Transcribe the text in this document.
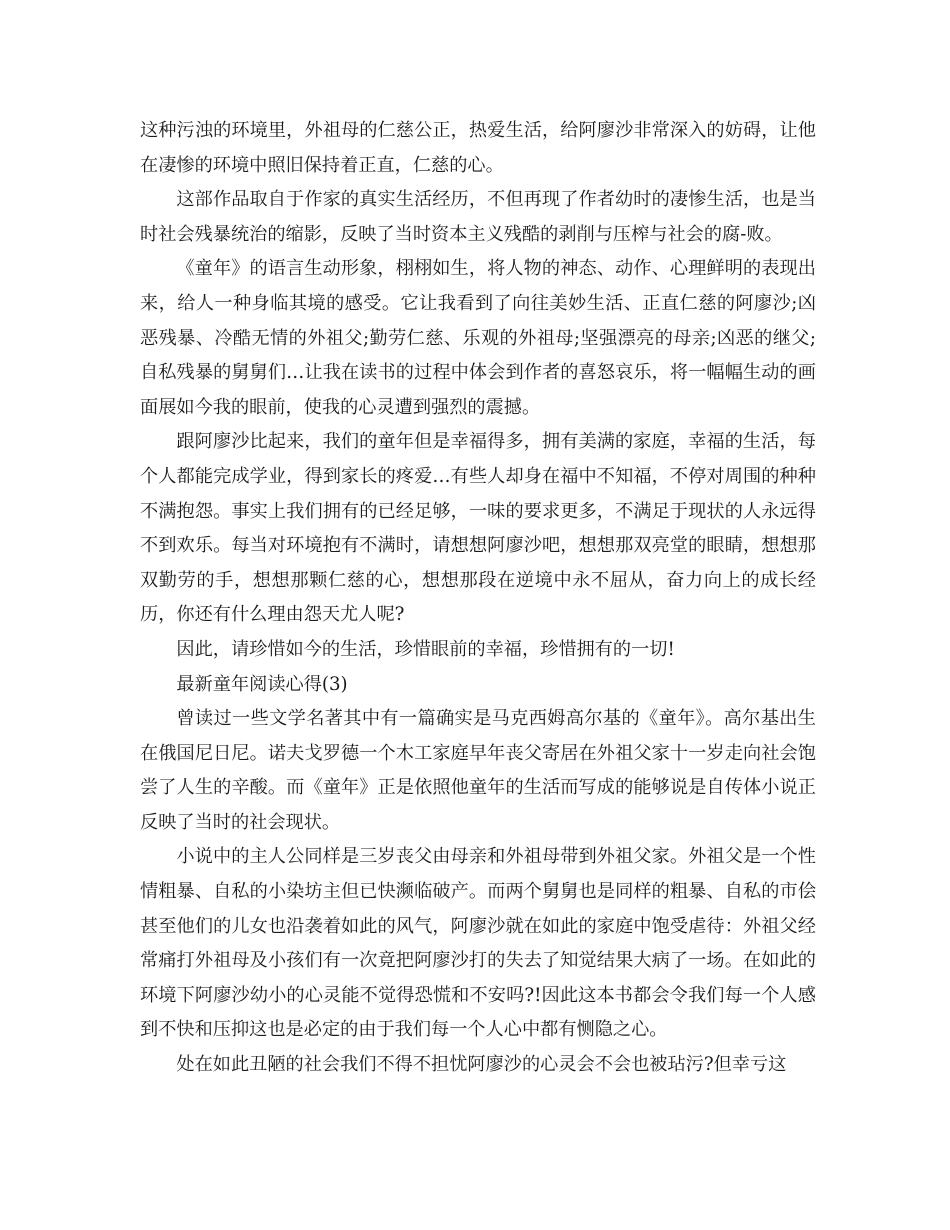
这种污浊的环境里，外祖母的仁慈公正，热爱生活，给阿廖沙非常深入的妨碍，让他在凄惨的环境中照旧保持着正直，仁慈的心。

这部作品取自于作家的真实生活经历，不但再现了作者幼时的凄惨生活，也是当时社会残暴统治的缩影，反映了当时资本主义残酷的剥削与压榨与社会的腐-败。

《童年》的语言生动形象，栩栩如生，将人物的神态、动作、心理鲜明的表现出来，给人一种身临其境的感受。它让我看到了向往美妙生活、正直仁慈的阿廖沙;凶恶残暴、冷酷无情的外祖父;勤劳仁慈、乐观的外祖母;坚强漂亮的母亲;凶恶的继父;自私残暴的舅舅们…让我在读书的过程中体会到作者的喜怒哀乐，将一幅幅生动的画面展如今我的眼前，使我的心灵遭到强烈的震撼。

跟阿廖沙比起来，我们的童年但是幸福得多，拥有美满的家庭，幸福的生活，每个人都能完成学业，得到家长的疼爱…有些人却身在福中不知福，不停对周围的种种不满抱怨。事实上我们拥有的已经足够，一味的要求更多，不满足于现状的人永远得不到欢乐。每当对环境抱有不满时，请想想阿廖沙吧，想想那双亮堂的眼睛，想想那双勤劳的手，想想那颗仁慈的心，想想那段在逆境中永不屈从，奋力向上的成长经历，你还有什么理由怨天尤人呢?

因此，请珍惜如今的生活，珍惜眼前的幸福，珍惜拥有的一切!

最新童年阅读心得(3)

曾读过一些文学名著其中有一篇确实是马克西姆高尔基的《童年》。高尔基出生在俄国尼日尼。诺夫戈罗德一个木工家庭早年丧父寄居在外祖父家十一岁走向社会饱尝了人生的辛酸。而《童年》正是依照他童年的生活而写成的能够说是自传体小说正反映了当时的社会现状。

小说中的主人公同样是三岁丧父由母亲和外祖母带到外祖父家。外祖父是一个性情粗暴、自私的小染坊主但已快濒临破产。而两个舅舅也是同样的粗暴、自私的市侩甚至他们的儿女也沿袭着如此的风气，阿廖沙就在如此的家庭中饱受虐待：外祖父经常痛打外祖母及小孩们有一次竟把阿廖沙打的失去了知觉结果大病了一场。在如此的环境下阿廖沙幼小的心灵能不觉得恐慌和不安吗?!因此这本书都会令我们每一个人感到不快和压抑这也是必定的由于我们每一个人心中都有恻隐之心。

处在如此丑陋的社会我们不得不担忧阿廖沙的心灵会不会也被玷污?但幸亏这
